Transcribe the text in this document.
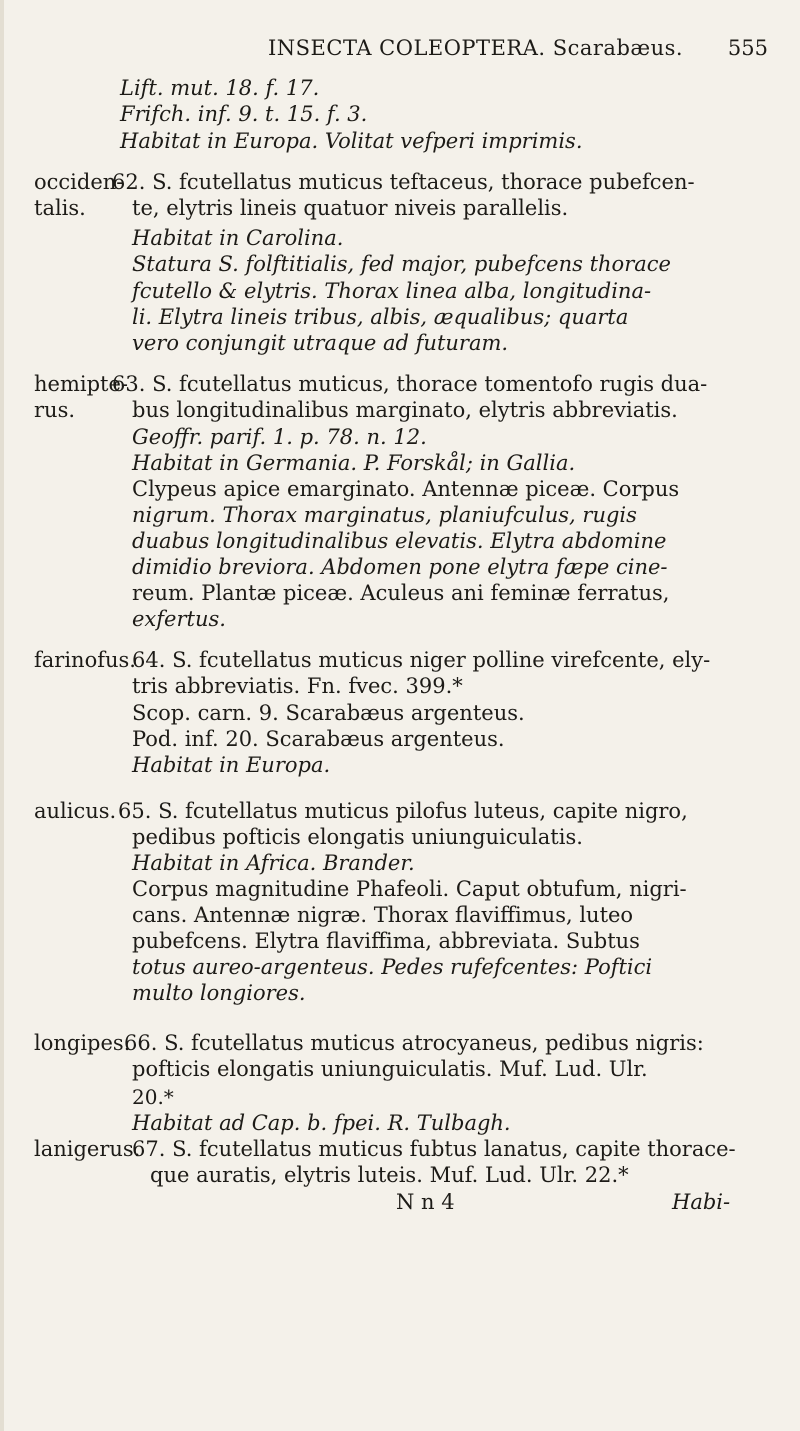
INSECTA COLEOPTERA. Scarabæus. 555
Lift. mut. 18. f. 17.
Frifch. inf. 9. t. 15. f. 3.
Habitat in Europa. Volitat vefperi imprimis.
occiden-
talis.
62. S. fcutellatus muticus teftaceus, thorace pubefcen-
te, elytris lineis quatuor niveis parallelis.
Habitat in Carolina.
Statura S. folftitialis, fed major, pubefcens thorace
fcutello & elytris. Thorax linea alba, longitudina-
li. Elytra lineis tribus, albis, æqualibus; quarta
vero conjungit utraque ad futuram.
hemipte-
rus.
63. S. fcutellatus muticus, thorace tomentofo rugis dua-
bus longitudinalibus marginato, elytris abbreviatis.
Geoffr. parif. 1. p. 78. n. 12.
Habitat in Germania. P. Forskål; in Gallia.
Clypeus apice emarginato. Antennæ piceæ. Corpus
nigrum. Thorax marginatus, planiufculus, rugis
duabus longitudinalibus elevatis. Elytra abdomine
dimidio breviora. Abdomen pone elytra fæpe cine-
reum. Plantæ piceæ. Aculeus ani feminæ ferratus,
exfertus.
farinofus.
64. S. fcutellatus muticus niger polline virefcente, ely-
tris abbreviatis. Fn. fvec. 399.*
Scop. carn. 9. Scarabæus argenteus.
Pod. inf. 20. Scarabæus argenteus.
Habitat in Europa.
aulicus. 65. S. fcutellatus muticus pilofus luteus, capite nigro,
pedibus pofticis elongatis uniunguiculatis.
Habitat in Africa. Brander.
Corpus magnitudine Phafeoli. Caput obtufum, nigri-
cans. Antennæ nigræ. Thorax flaviffimus, luteo
pubefcens. Elytra flaviffima, abbreviata. Subtus
totus aureo-argenteus. Pedes rufefcentes: Poftici
multo longiores.
longipes.
66. S. fcutellatus muticus atrocyaneus, pedibus nigris:
pofticis elongatis uniunguiculatis. Muf. Lud. Ulr.
20.*
Habitat ad Cap. b. fpei. R. Tulbagh.
lanigerus.
67. S. fcutellatus muticus fubtus lanatus, capite thorace-
que auratis, elytris luteis. Muf. Lud. Ulr. 22.*
N n 4	Habi-
